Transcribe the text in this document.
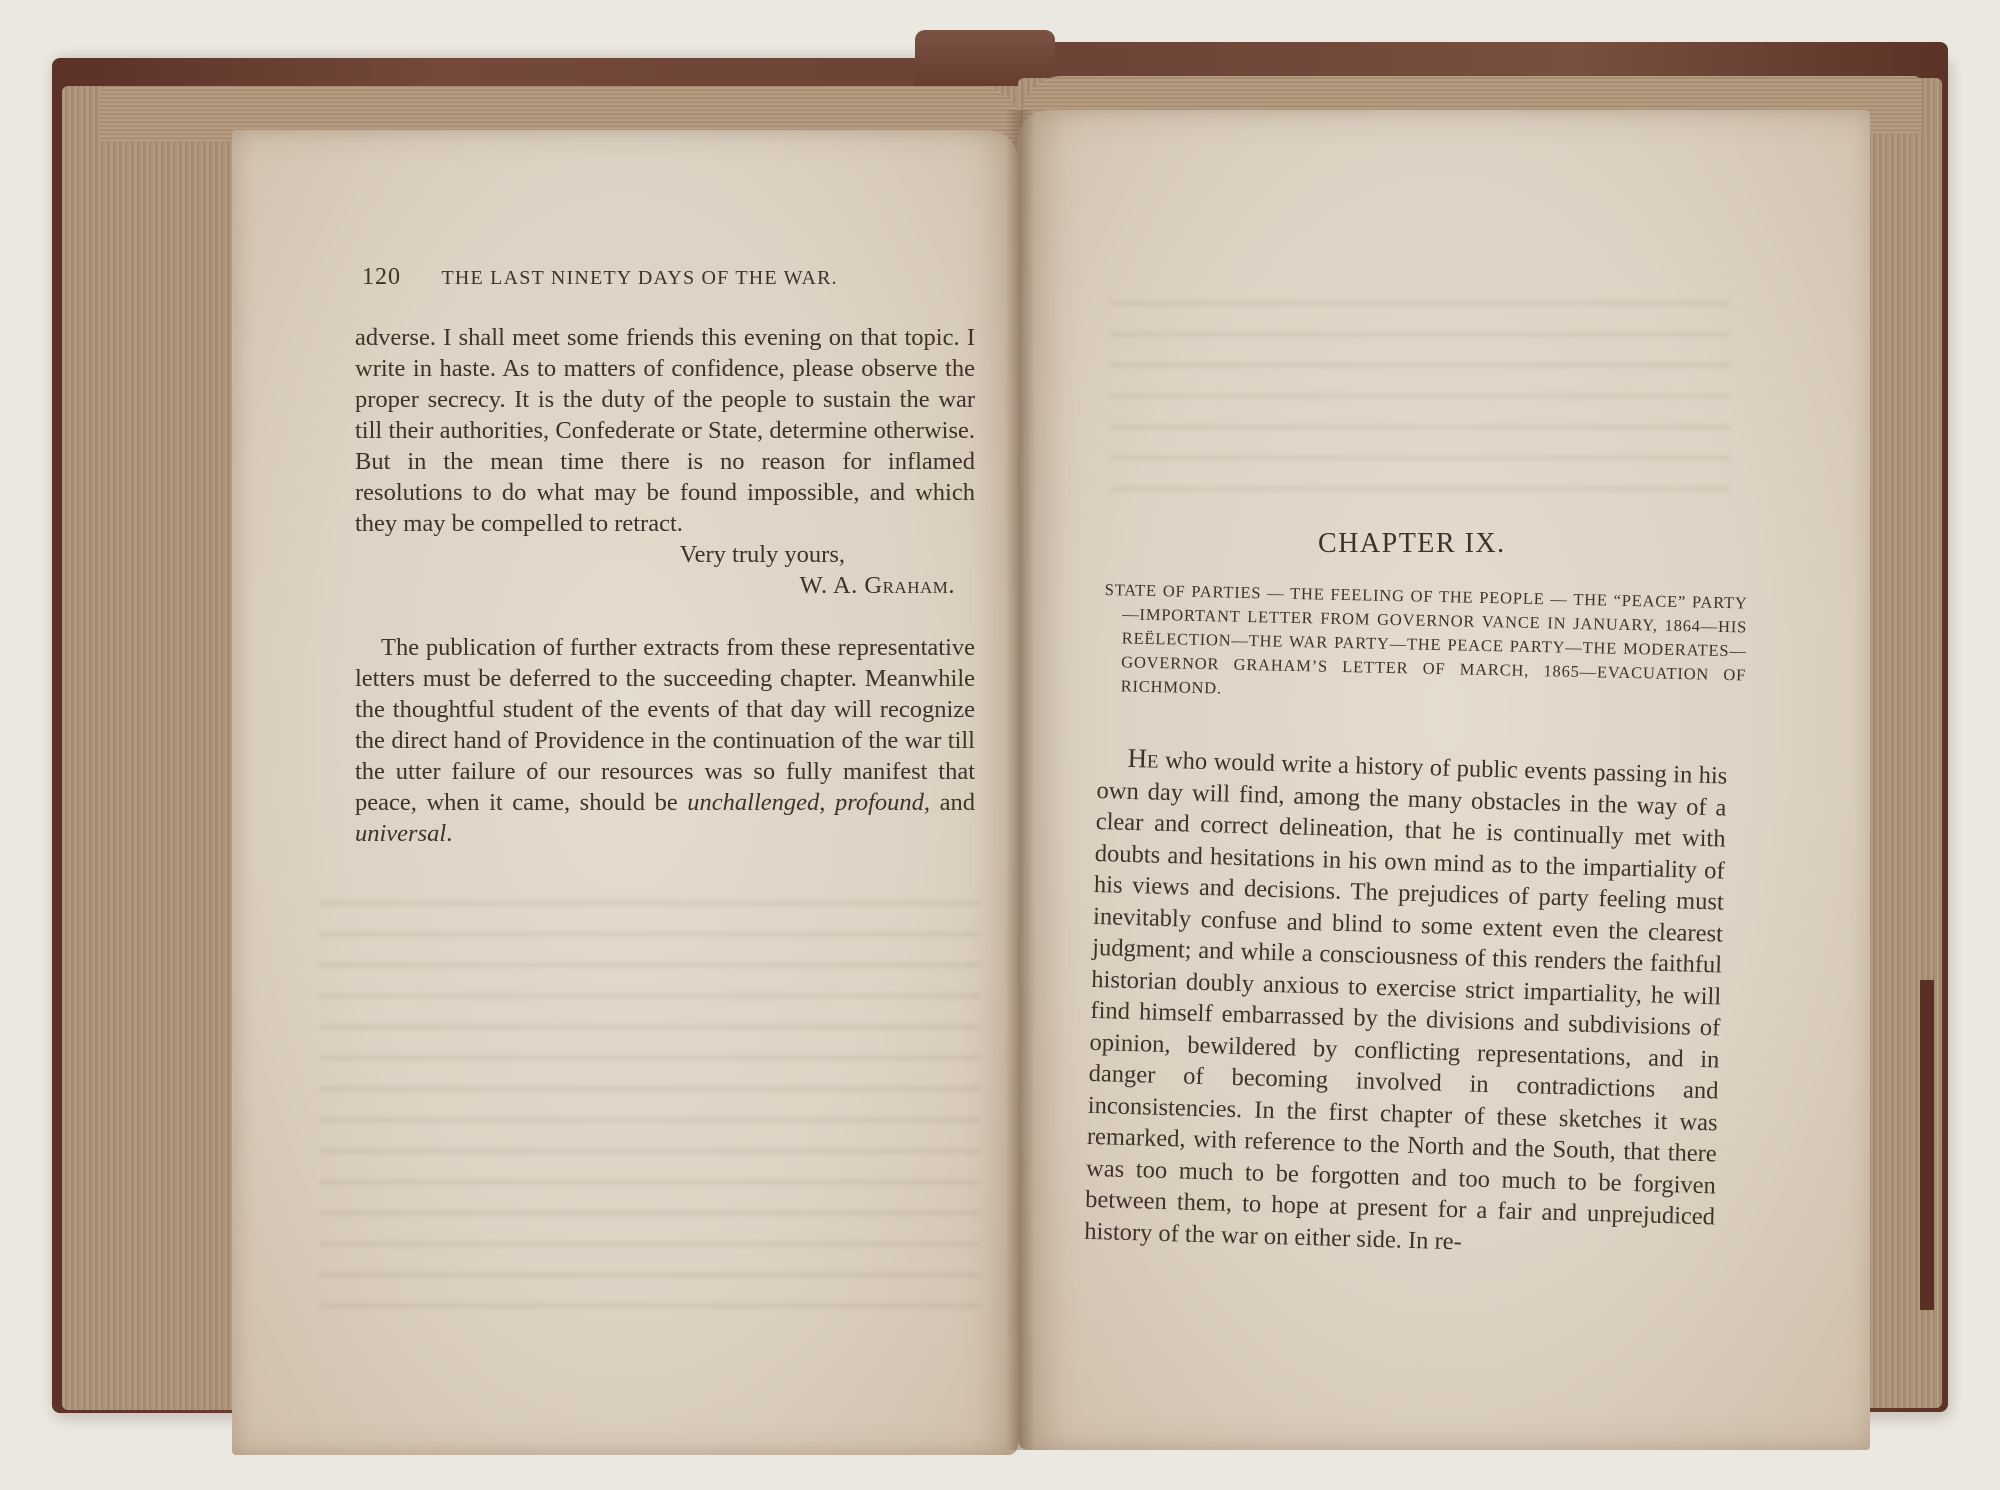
120 THE LAST NINETY DAYS OF THE WAR.

adverse. I shall meet some friends this evening on that topic. I write in haste. As to matters of confidence, please observe the proper secrecy. It is the duty of the people to sustain the war till their authorities, Confederate or State, determine otherwise. But in the mean time there is no reason for inflamed resolutions to do what may be found impossible, and which they may be compelled to retract.

Very truly yours,
W. A. Graham.

The publication of further extracts from these representative letters must be deferred to the succeeding chapter. Meanwhile the thoughtful student of the events of that day will recognize the direct hand of Providence in the continuation of the war till the utter failure of our resources was so fully manifest that peace, when it came, should be unchallenged, profound, and universal.

CHAPTER IX.
STATE OF PARTIES — THE FEELING OF THE PEOPLE — THE “PEACE” PARTY—IMPORTANT LETTER FROM GOVERNOR VANCE IN JANUARY, 1864—HIS REËLECTION—THE WAR PARTY—THE PEACE PARTY—THE MODERATES—GOVERNOR GRAHAM’S LETTER OF MARCH, 1865—EVACUATION OF RICHMOND.

He who would write a history of public events passing in his own day will find, among the many obstacles in the way of a clear and correct delineation, that he is continually met with doubts and hesitations in his own mind as to the impartiality of his views and decisions. The prejudices of party feeling must inevitably confuse and blind to some extent even the clearest judgment; and while a consciousness of this renders the faithful historian doubly anxious to exercise strict impartiality, he will find himself embarrassed by the divisions and subdivisions of opinion, bewildered by conflicting representations, and in danger of becoming involved in contradictions and inconsistencies. In the first chapter of these sketches it was remarked, with reference to the North and the South, that there was too much to be forgotten and too much to be forgiven between them, to hope at present for a fair and unprejudiced history of the war on either side. In re-
